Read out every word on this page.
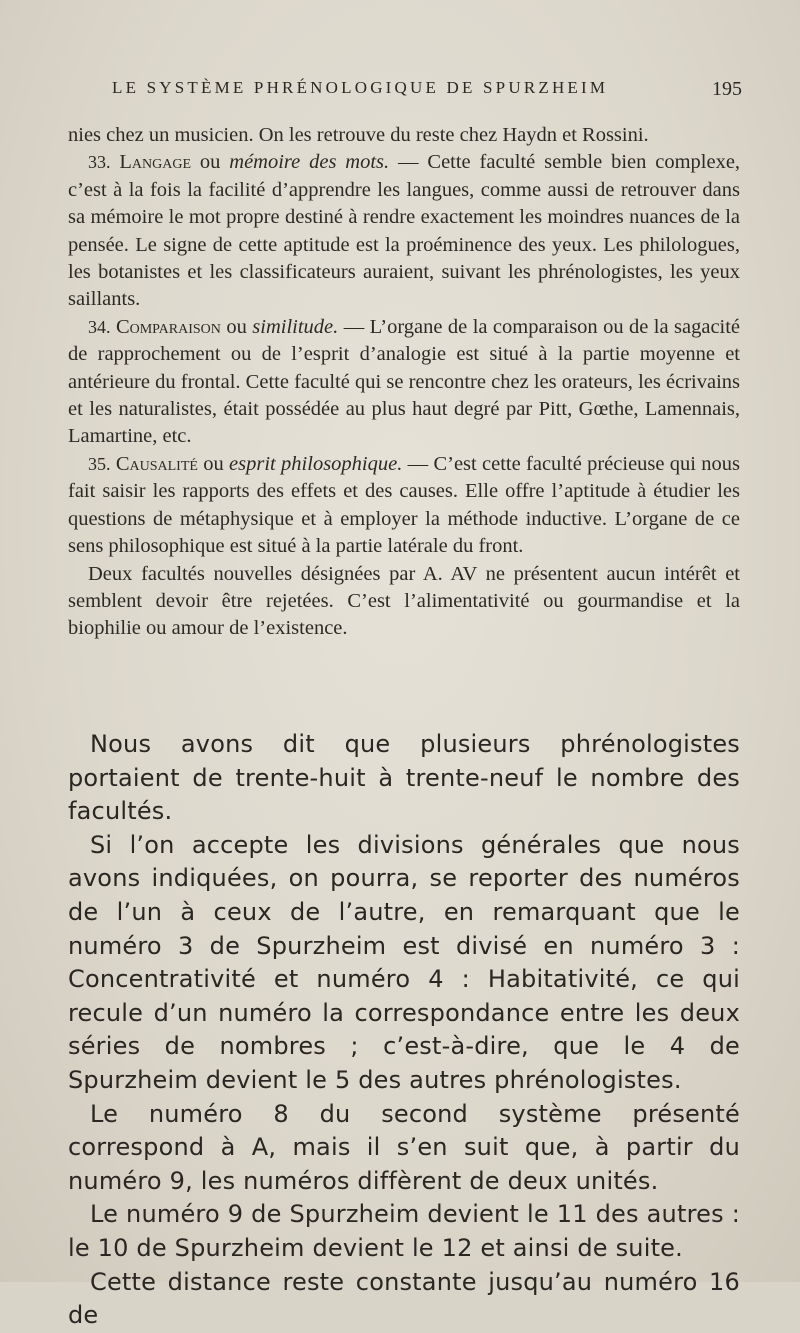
LE SYSTÈME PHRÉNOLOGIQUE DE SPURZHEIM	195

nies chez un musicien. On les retrouve du reste chez Haydn et Rossini.

33. Langage ou mémoire des mots. — Cette faculté semble bien complexe, c’est à la fois la facilité d’apprendre les langues, comme aussi de retrouver dans sa mémoire le mot propre destiné à rendre exactement les moindres nuances de la pensée. Le signe de cette aptitude est la proéminence des yeux. Les philologues, les botanistes et les classificateurs auraient, suivant les phrénologistes, les yeux saillants.

34. Comparaison ou similitude. — L’organe de la comparaison ou de la sagacité de rapprochement ou de l’esprit d’analogie est situé à la partie moyenne et antérieure du frontal. Cette faculté qui se rencontre chez les orateurs, les écrivains et les naturalistes, était possédée au plus haut degré par Pitt, Gœthe, Lamennais, Lamartine, etc.

35. Causalité ou esprit philosophique. — C’est cette faculté précieuse qui nous fait saisir les rapports des effets et des causes. Elle offre l’aptitude à étudier les questions de métaphysique et à employer la méthode inductive. L’organe de ce sens philosophique est situé à la partie latérale du front.

Deux facultés nouvelles désignées par A. AV ne présentent aucun intérêt et semblent devoir être rejetées. C’est l’alimentativité ou gourmandise et la biophilie ou amour de l’existence.

Nous avons dit que plusieurs phrénologistes portaient de trente-huit à trente-neuf le nombre des facultés.

Si l’on accepte les divisions générales que nous avons indiquées, on pourra, se reporter des numéros de l’un à ceux de l’autre, en remarquant que le numéro 3 de Spurzheim est divisé en numéro 3 : Concentrativité et numéro 4 : Habitativité, ce qui recule d’un numéro la correspondance entre les deux séries de nombres ; c’est-à-dire, que le 4 de Spurzheim devient le 5 des autres phrénologistes.

Le numéro 8 du second système présenté correspond à A, mais il s’en suit que, à partir du numéro 9, les numéros diffèrent de deux unités.

Le numéro 9 de Spurzheim devient le 11 des autres : le 10 de Spurzheim devient le 12 et ainsi de suite.

Cette distance reste constante jusqu’au numéro 16 de
